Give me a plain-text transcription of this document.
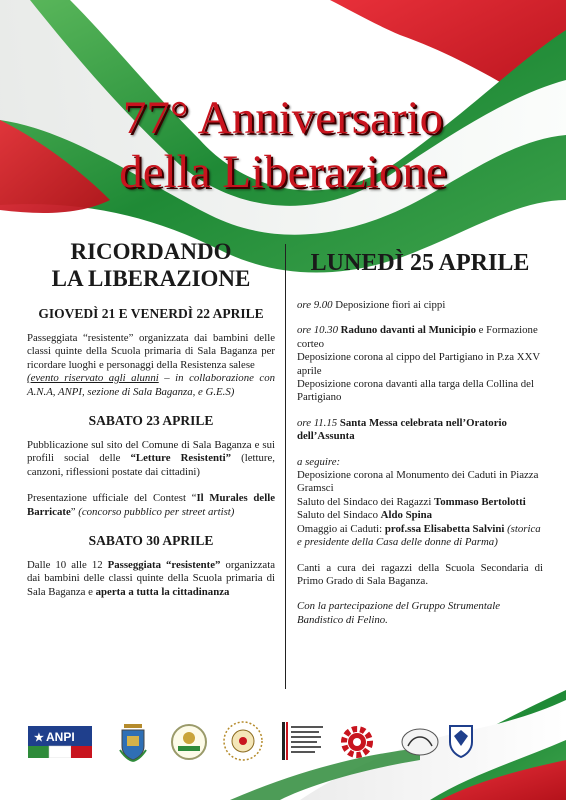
77° Anniversario
della Liberazione
RICORDANDO
LA LIBERAZIONE
GIOVEDÌ 21 E VENERDÌ 22 APRILE

Passeggiata “resistente” organizzata dai bambini delle classi quinte della Scuola primaria di Sala Baganza per ricordare luoghi e personaggi della Resistenza salese

(evento riservato agli alunni – in collaborazione con A.N.A, ANPI, sezione di Sala Baganza, e G.E.S)

SABATO 23 APRILE

Pubblicazione sul sito del Comune di Sala Baganza e sui profili social delle “Letture Resistenti” (letture, canzoni, riflessioni postate dai cittadini)

Presentazione ufficiale del Contest “Il Murales delle Barricate” (concorso pubblico per street artist)

SABATO 30 APRILE

Dalle 10 alle 12 Passeggiata “resistente” organizzata dai bambini delle classi quinte della Scuola primaria di Sala Baganza e aperta a tutta la cittadinanza

LUNEDÌ 25 APRILE

ore 9.00 Deposizione fiori ai cippi

ore 10.30 Raduno davanti al Municipio e Formazione corteo

Deposizione corona al cippo del Partigiano in P.za XXV aprile

Deposizione corona davanti alla targa della Collina del Partigiano

ore 11.15 Santa Messa celebrata nell’Oratorio dell’Assunta

a seguire:

Deposizione corona al Monumento dei Caduti in Piazza Gramsci

Saluto del Sindaco dei Ragazzi Tommaso Bertolotti

Saluto del Sindaco Aldo Spina

Omaggio ai Caduti: prof.ssa Elisabetta Salvini (storica e presidente della Casa delle donne di Parma)

Canti a cura dei ragazzi della Scuola Secondaria di Primo Grado di Sala Baganza.

Con la partecipazione del Gruppo Strumentale Bandistico di Felino.

★ ANPI
